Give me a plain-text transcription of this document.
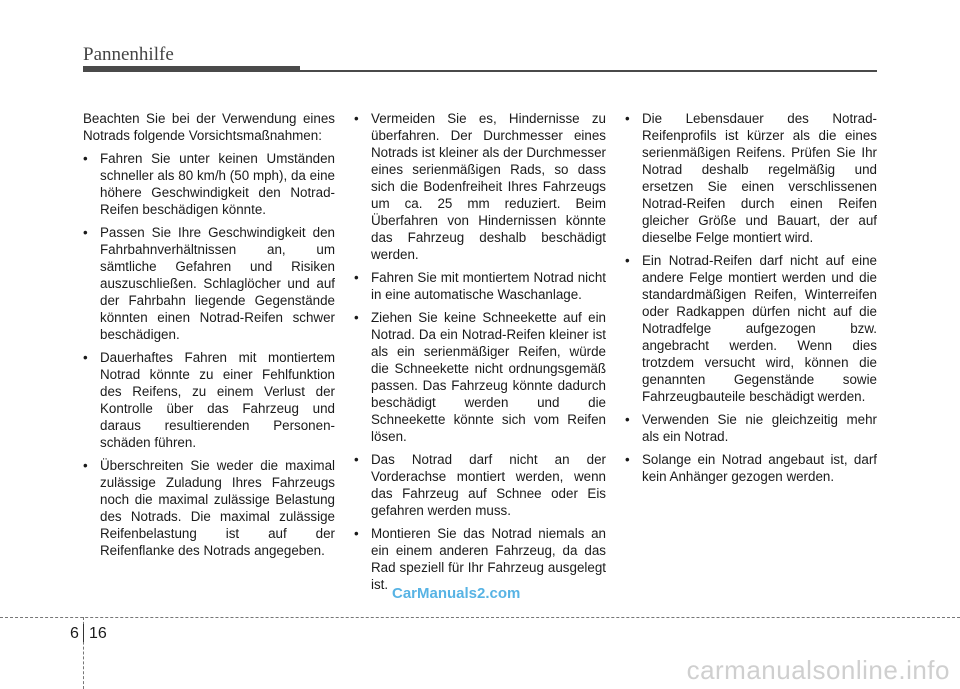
Pannenhilfe

Beachten Sie bei der Verwendung eines Notrads folgende Vorsichtsmaßnahmen:

• Fahren Sie unter keinen Umständen schneller als 80 km/h (50 mph), da eine höhere Geschwindigkeit den Notrad-Reifen beschädigen könnte.
• Passen Sie Ihre Geschwindigkeit den Fahrbahnverhältnissen an, um sämtliche Gefahren und Risiken auszuschließen. Schlaglöcher und auf der Fahrbahn liegende Gegenstände könnten einen Notrad-Reifen schwer beschädigen.
• Dauerhaftes Fahren mit montiertem Notrad könnte zu einer Fehlfunktion des Reifens, zu einem Verlust der Kontrolle über das Fahrzeug und daraus resultierenden Personenschäden führen.
• Überschreiten Sie weder die maximal zulässige Zuladung Ihres Fahrzeugs noch die maximal zulässige Belastung des Notrads. Die maximal zulässige Reifenbelastung ist auf der Reifenflanke des Notrads angegeben.
• Vermeiden Sie es, Hindernisse zu überfahren. Der Durchmesser eines Notrads ist kleiner als der Durchmesser eines serienmäßigen Rads, so dass sich die Bodenfreiheit Ihres Fahrzeugs um ca. 25 mm reduziert. Beim Überfahren von Hindernissen könnte das Fahrzeug deshalb beschädigt werden.
• Fahren Sie mit montiertem Notrad nicht in eine automatische Waschanlage.
• Ziehen Sie keine Schneekette auf ein Notrad. Da ein Notrad-Reifen kleiner ist als ein serienmäßiger Reifen, würde die Schneekette nicht ordnungsgemäß passen. Das Fahrzeug könnte dadurch beschädigt werden und die Schneekette könnte sich vom Reifen lösen.
• Das Notrad darf nicht an der Vorderachse montiert werden, wenn das Fahrzeug auf Schnee oder Eis gefahren werden muss.
• Montieren Sie das Notrad niemals an ein einem anderen Fahrzeug, da das Rad speziell für Ihr Fahrzeug ausgelegt ist.
• Die Lebensdauer des Notrad-Reifenprofils ist kürzer als die eines serienmäßigen Reifens. Prüfen Sie Ihr Notrad deshalb regelmäßig und ersetzen Sie einen verschlissenen Notrad-Reifen durch einen Reifen gleicher Größe und Bauart, der auf dieselbe Felge montiert wird.
• Ein Notrad-Reifen darf nicht auf eine andere Felge montiert werden und die standardmäßigen Reifen, Winterreifen oder Radkappen dürfen nicht auf die Notradfelge aufgezogen bzw. angebracht werden. Wenn dies trotzdem versucht wird, können die genannten Gegenstände sowie Fahrzeugbauteile beschädigt werden.
• Verwenden Sie nie gleichzeitig mehr als ein Notrad.
• Solange ein Notrad angebaut ist, darf kein Anhänger gezogen werden.
CarManuals2.com
6 16
carmanualsonline.info
